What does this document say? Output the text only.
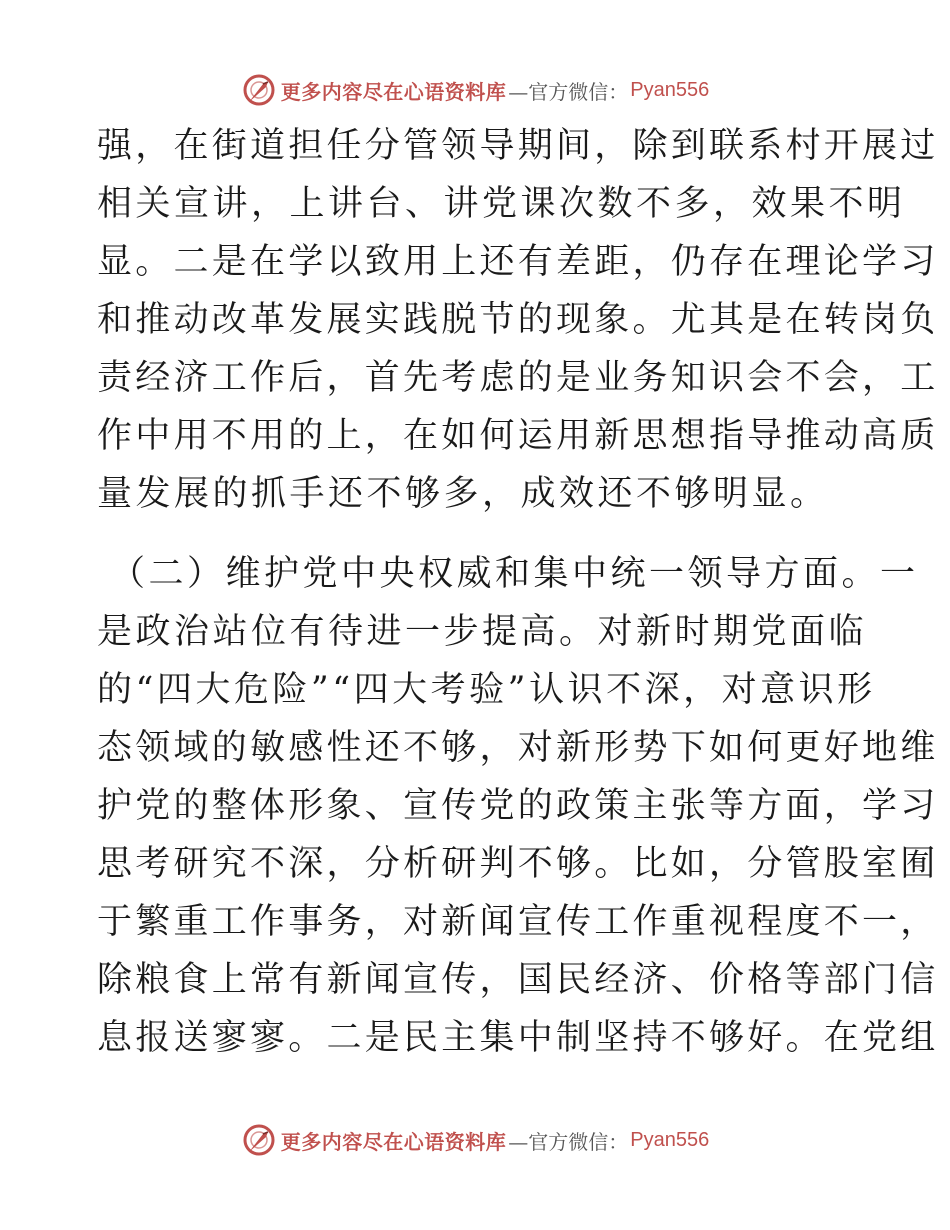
更多内容尽在心语资料库 —官方微信： Pyan556
强，在街道担任分管领导期间，除到联系村开展过
相关宣讲，上讲台、讲党课次数不多，效果不明
显。二是在学以致用上还有差距，仍存在理论学习
和推动改革发展实践脱节的现象。尤其是在转岗负
责经济工作后，首先考虑的是业务知识会不会，工
作中用不用的上，在如何运用新思想指导推动高质
量发展的抓手还不够多，成效还不够明显。
（二）维护党中央权威和集中统一领导方面。一
是政治站位有待进一步提高。对新时期党面临
的“四大危险”“四大考验”认识不深，对意识形
态领域的敏感性还不够，对新形势下如何更好地维
护党的整体形象、宣传党的政策主张等方面，学习
思考研究不深，分析研判不够。比如，分管股室囿
于繁重工作事务，对新闻宣传工作重视程度不一，
除粮食上常有新闻宣传，国民经济、价格等部门信
息报送寥寥。二是民主集中制坚持不够好。在党组
更多内容尽在心语资料库 —官方微信： Pyan556
